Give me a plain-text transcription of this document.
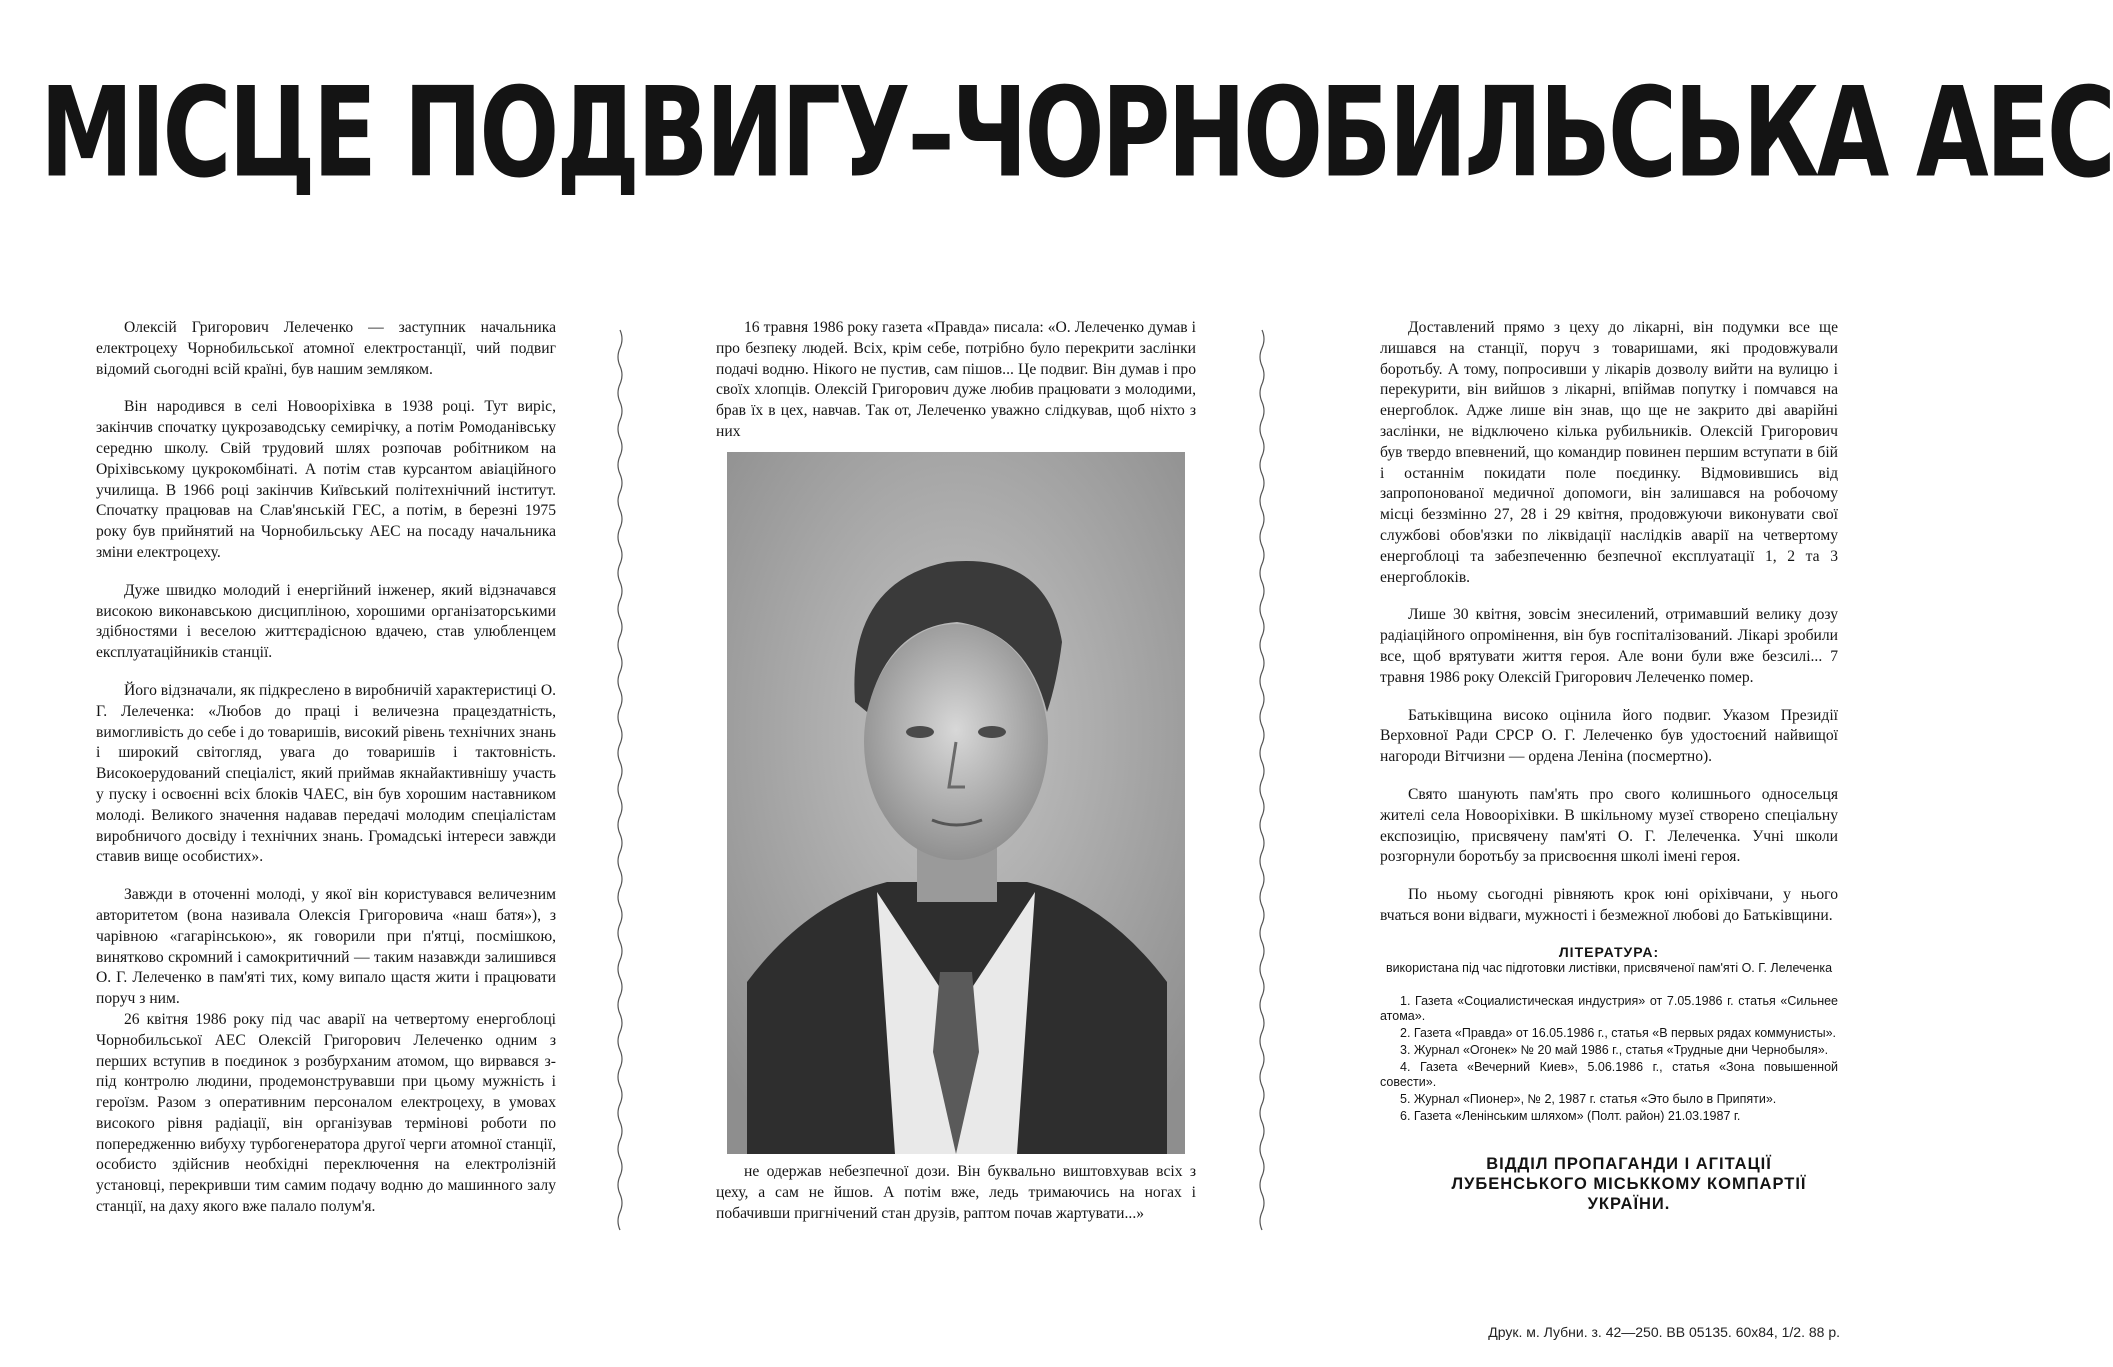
МІСЦЕ ПОДВИГУ–ЧОРНОБИЛЬСЬКА АЕС

Олексій Григорович Лелеченко — заступник начальника електроцеху Чорнобильської атомної електростанції, чий подвиг відомий сьогодні всій країні, був нашим земляком.

Він народився в селі Новооріхівка в 1938 році. Тут виріс, закінчив спочатку цукрозаводську семирічку, а потім Ромоданівську середню школу. Свій трудовий шлях розпочав робітником на Оріхівському цукрокомбінаті. А потім став курсантом авіаційного училища. В 1966 році закінчив Київський політехнічний інститут. Спочатку працював на Слав'янській ГЕС, а потім, в березні 1975 року був прийнятий на Чорнобильську АЕС на посаду начальника зміни електроцеху.

Дуже швидко молодий і енергійний інженер, який відзначався високою виконавською дисципліною, хорошими організаторськими здібностями і веселою життєрадісною вдачею, став улюбленцем експлуатаційників станції.

Його відзначали, як підкреслено в виробничій характеристиці О. Г. Лелеченка: «Любов до праці і величезна працездатність, вимогливість до себе і до товаришів, високий рівень технічних знань і широкий світогляд, увага до товаришів і тактовність. Високоерудований спеціаліст, який приймав якнайактивнішу участь у пуску і освоєнні всіх блоків ЧАЕС, він був хорошим наставником молоді. Великого значення надавав передачі молодим спеціалістам виробничого досвіду і технічних знань. Громадські інтереси завжди ставив вище особистих».

Завжди в оточенні молоді, у якої він користувався величезним авторитетом (вона називала Олексія Григоровича «наш батя»), з чарівною «гагарінською», як говорили при п'ятці, посмішкою, винятково скромний і самокритичний — таким назавжди залишився О. Г. Лелеченко в пам'яті тих, кому випало щастя жити і працювати поруч з ним.

26 квітня 1986 року під час аварії на четвертому енергоблоці Чорнобильської АЕС Олексій Григорович Лелеченко одним з перших вступив в поєдинок з розбурханим атомом, що вирвався з-під контролю людини, продемонструвавши при цьому мужність і героїзм. Разом з оперативним персоналом електроцеху, в умовах високого рівня радіації, він організував термінові роботи по попередженню вибуху турбогенератора другої черги атомної станції, особисто здійснив необхідні переключення на електролізній установці, перекривши тим самим подачу водню до машинного залу станції, на даху якого вже палало полум'я.

16 травня 1986 року газета «Правда» писала: «О. Лелеченко думав і про безпеку людей. Всіх, крім себе, потрібно було перекрити заслінки подачі водню. Нікого не пустив, сам пішов... Це подвиг. Він думав і про своїх хлопців. Олексій Григорович дуже любив працювати з молодими, брав їх в цех, навчав. Так от, Лелеченко уважно слідкував, щоб ніхто з них

не одержав небезпечної дози. Він буквально виштовхував всіх з цеху, а сам не йшов. А потім вже, ледь тримаючись на ногах і побачивши пригнічений стан друзів, раптом почав жартувати...»

Доставлений прямо з цеху до лікарні, він подумки все ще лишався на станції, поруч з товаришами, які продовжували боротьбу. А тому, попросивши у лікарів дозволу вийти на вулицю і перекурити, він вийшов з лікарні, впіймав попутку і помчався на енергоблок. Адже лише він знав, що ще не закрито дві аварійні заслінки, не відключено кілька рубильників. Олексій Григорович був твердо впевнений, що командир повинен першим вступати в бій і останнім покидати поле поєдинку. Відмовившись від запропонованої медичної допомоги, він залишався на робочому місці беззмінно 27, 28 і 29 квітня, продовжуючи виконувати свої службові обов'язки по ліквідації наслідків аварії на четвертому енергоблоці та забезпеченню безпечної експлуатації 1, 2 та 3 енергоблоків.

Лише 30 квітня, зовсім знесилений, отримавший велику дозу радіаційного опромінення, він був госпіталізований. Лікарі зробили все, щоб врятувати життя героя. Але вони були вже безсилі... 7 травня 1986 року Олексій Григорович Лелеченко помер.

Батьківщина високо оцінила його подвиг. Указом Президії Верховної Ради СРСР О. Г. Лелеченко був удостоєний найвищої нагороди Вітчизни — ордена Леніна (посмертно).

Свято шанують пам'ять про свого колишнього односельця жителі села Новооріхівки. В шкільному музеї створено спеціальну експозицію, присвячену пам'яті О. Г. Лелеченка. Учні школи розгорнули боротьбу за присвоєння школі імені героя.

По ньому сьогодні рівняють крок юні оріхівчани, у нього вчаться вони відваги, мужності і безмежної любові до Батьківщини.

ЛІТЕРАТУРА:
використана під час підготовки листівки, присвяченої пам'яті О. Г. Лелеченка
1. Газета «Социалистическая индустрия» от 7.05.1986 г. статья «Сильнее атома».
2. Газета «Правда» от 16.05.1986 г., статья «В первых рядах коммунисты».
3. Журнал «Огонек» № 20 май 1986 г., статья «Трудные дни Чернобыля».
4. Газета «Вечерний Киев», 5.06.1986 г., статья «Зона повышенной совести».
5. Журнал «Пионер», № 2, 1987 г. статья «Это было в Припяти».
6. Газета «Ленінським шляхом» (Полт. район) 21.03.1987 г.
ВІДДІЛ ПРОПАГАНДИ І АГІТАЦІЇ ЛУБЕНСЬКОГО МІСЬККОМУ КОМПАРТІЇ УКРАЇНИ.
Друк. м. Лубни. з. 42—250. ВВ 05135. 60х84, 1/2. 88 р.
